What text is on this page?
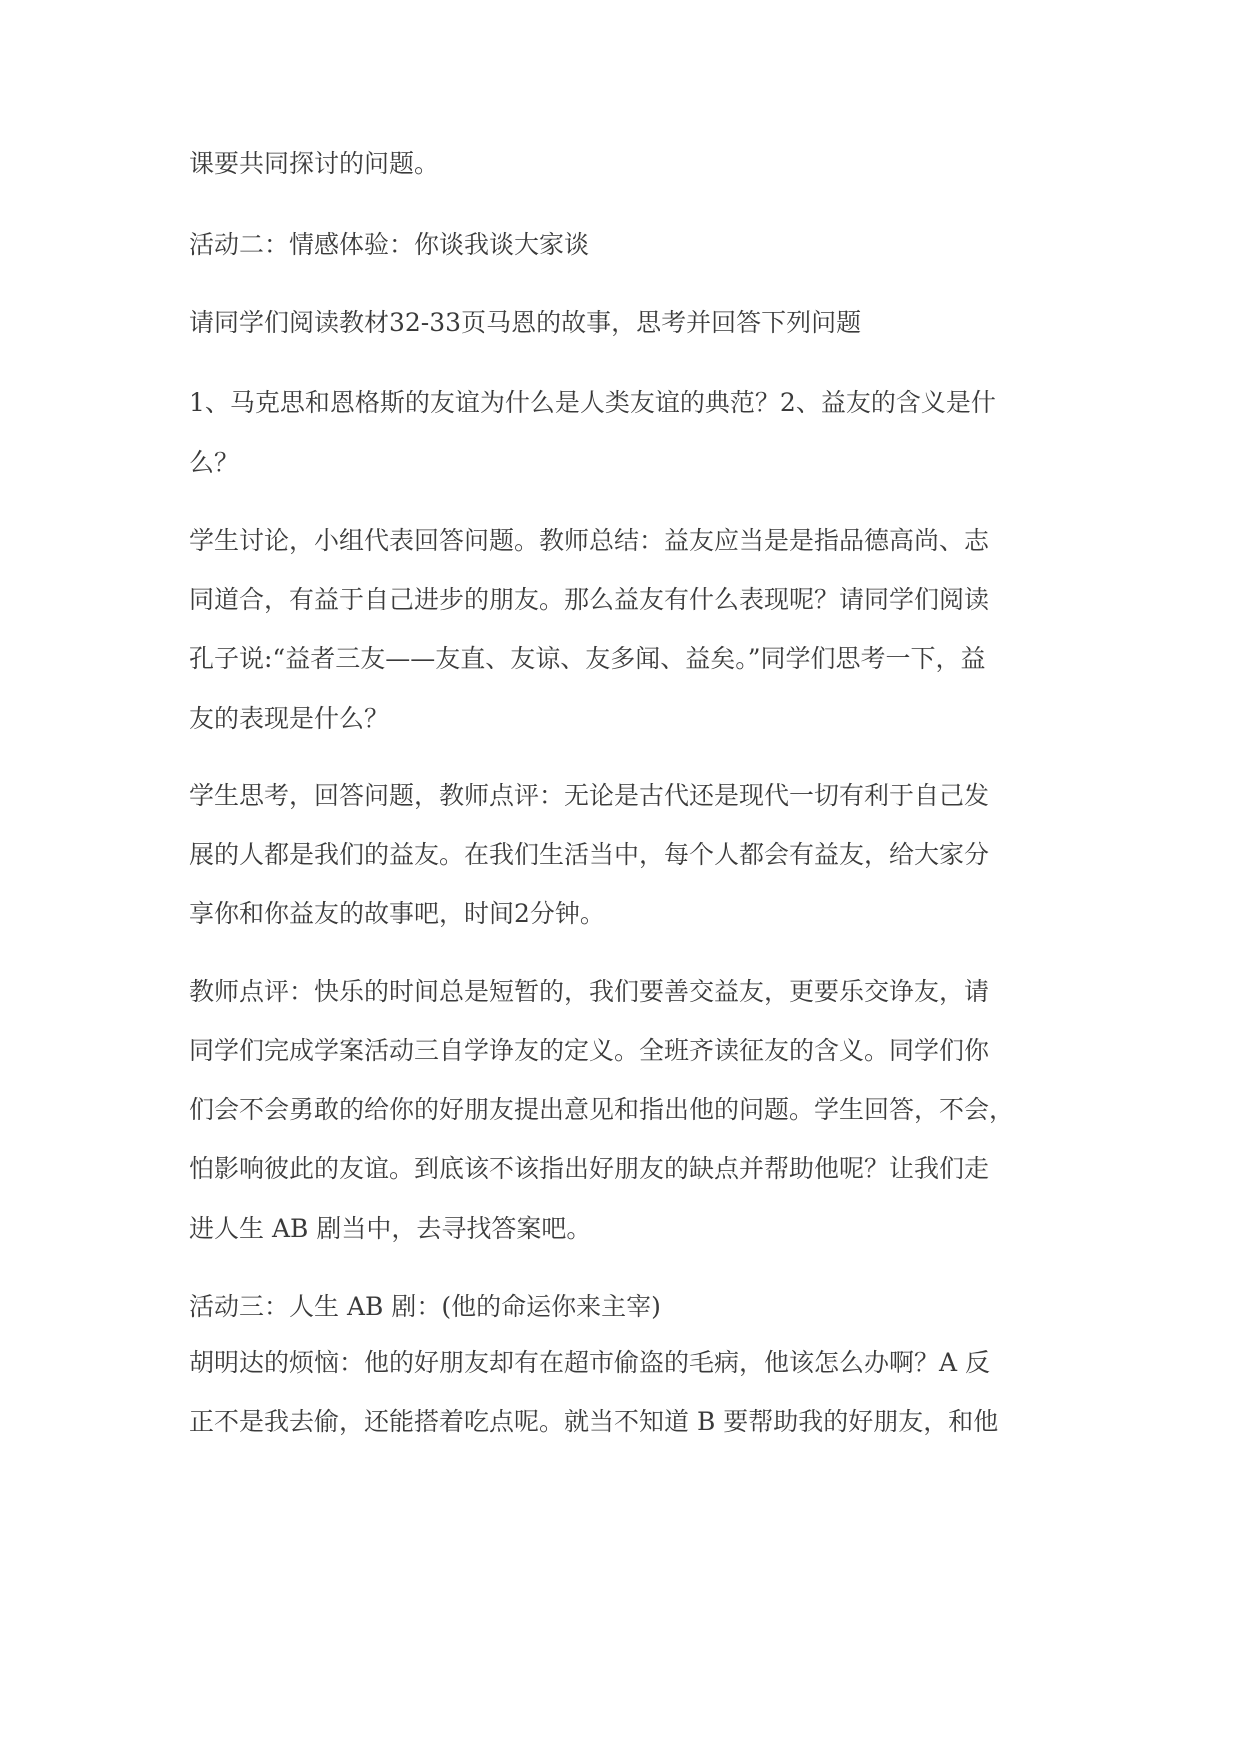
课要共同探讨的问题。
活动二：情感体验：你谈我谈大家谈
请同学们阅读教材32-33页马恩的故事，思考并回答下列问题
1、马克思和恩格斯的友谊为什么是人类友谊的典范？2、益友的含义是什
么？
学生讨论，小组代表回答问题。教师总结：益友应当是是指品德高尚、志
同道合，有益于自己进步的朋友。那么益友有什么表现呢？请同学们阅读
孔子说:“益者三友——友直、友谅、友多闻、益矣。”同学们思考一下，益
友的表现是什么？
学生思考，回答问题，教师点评：无论是古代还是现代一切有利于自己发
展的人都是我们的益友。在我们生活当中，每个人都会有益友，给大家分
享你和你益友的故事吧，时间2分钟。
教师点评：快乐的时间总是短暂的，我们要善交益友，更要乐交诤友，请
同学们完成学案活动三自学诤友的定义。全班齐读征友的含义。同学们你
们会不会勇敢的给你的好朋友提出意见和指出他的问题。学生回答，不会，
怕影响彼此的友谊。到底该不该指出好朋友的缺点并帮助他呢？让我们走
进人生 AB 剧当中，去寻找答案吧。
活动三：人生 AB 剧：(他的命运你来主宰)
胡明达的烦恼：他的好朋友却有在超市偷盗的毛病，他该怎么办啊？A 反
正不是我去偷，还能搭着吃点呢。就当不知道 B 要帮助我的好朋友，和他
